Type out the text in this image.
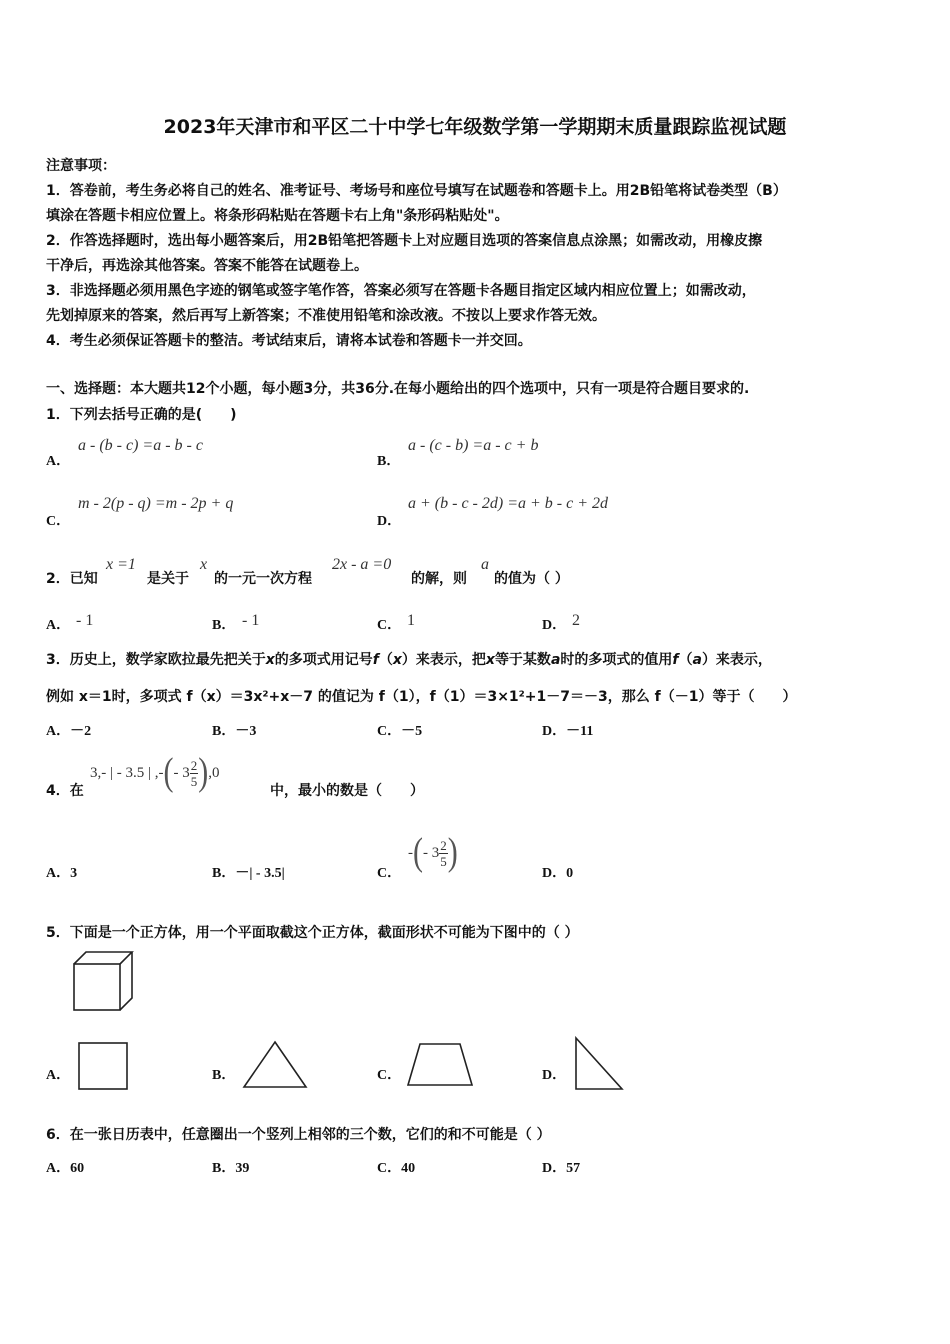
2023年天津市和平区二十中学七年级数学第一学期期末质量跟踪监视试题
注意事项：
1．答卷前，考生务必将自己的姓名、准考证号、考场号和座位号填写在试题卷和答题卡上。用2B铅笔将试卷类型（B）
填涂在答题卡相应位置上。将条形码粘贴在答题卡右上角"条形码粘贴处"。
2．作答选择题时，选出每小题答案后，用2B铅笔把答题卡上对应题目选项的答案信息点涂黑；如需改动，用橡皮擦
干净后，再选涂其他答案。答案不能答在试题卷上。
3．非选择题必须用黑色字迹的钢笔或签字笔作答，答案必须写在答题卡各题目指定区域内相应位置上；如需改动，
先划掉原来的答案，然后再写上新答案；不准使用铅笔和涂改液。不按以上要求作答无效。
4．考生必须保证答题卡的整洁。考试结束后，请将本试卷和答题卡一并交回。
一、选择题：本大题共12个小题，每小题3分，共36分.在每小题给出的四个选项中，只有一项是符合题目要求的.
1．下列去括号正确的是(　　)
A．
a - (b - c) =a - b - c
B．
a - (c - b) =a - c + b
C．
m - 2(p - q) =m - 2p + q
D．
a + (b - c - 2d) =a + b - c + 2d
2．已知
x =1
是关于
x
的一元一次方程
2x - a =0
的解，则
a
的值为（ ）
A． - 1	B． - 1	C． 1	D． 2
3．历史上，数学家欧拉最先把关于x的多项式用记号f（x）来表示，把x等于某数a时的多项式的值用f（a）来表示，
例如 x＝1时，多项式 f（x）＝3x²+x－7 的值记为 f（1），f（1）＝3×1²+1－7＝－3，那么 f（－1）等于（　　）
A．－2	B．－3	C．－5	D．－11
4．在
3,- | - 3.5 | ,- ( - $3 \frac{2}{5}$ ) ,0
中，最小的数是（　　）
A．3	B．－| - 3.5|	C．
- ( - $3 \frac{2}{5}$ )	D．0
5．下面是一个正方体，用一个平面取截这个正方体，截面形状不可能为下图中的（ ）
A．	B．	C．	D．
6．在一张日历表中，任意圈出一个竖列上相邻的三个数，它们的和不可能是（ ）
A．60	B．39	C．40	D．57
